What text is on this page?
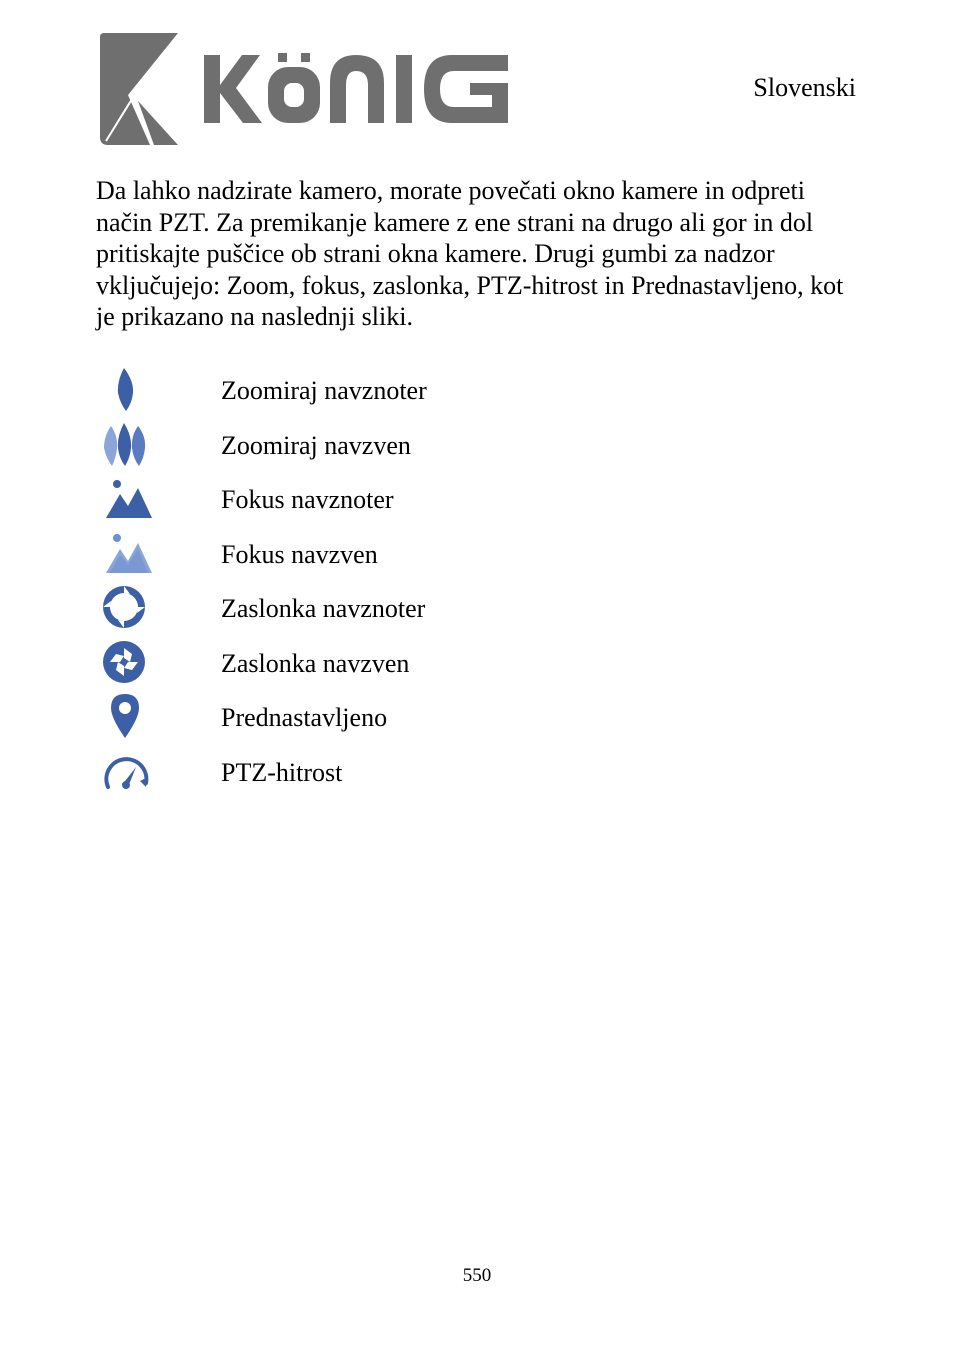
Slovenski

Da lahko nadzirate kamero, morate povečati okno kamere in odpreti način PZT. Za premikanje kamere z ene strani na drugo ali gor in dol pritiskajte puščice ob strani okna kamere. Drugi gumbi za nadzor vključujejo: Zoom, fokus, zaslonka, PTZ-hitrost in Prednastavljeno, kot je prikazano na naslednji sliki.

Zoomiraj navznoter
Zoomiraj navzven
Fokus navznoter
Fokus navzven
Zaslonka navznoter
Zaslonka navzven
Prednastavljeno
PTZ-hitrost
550
